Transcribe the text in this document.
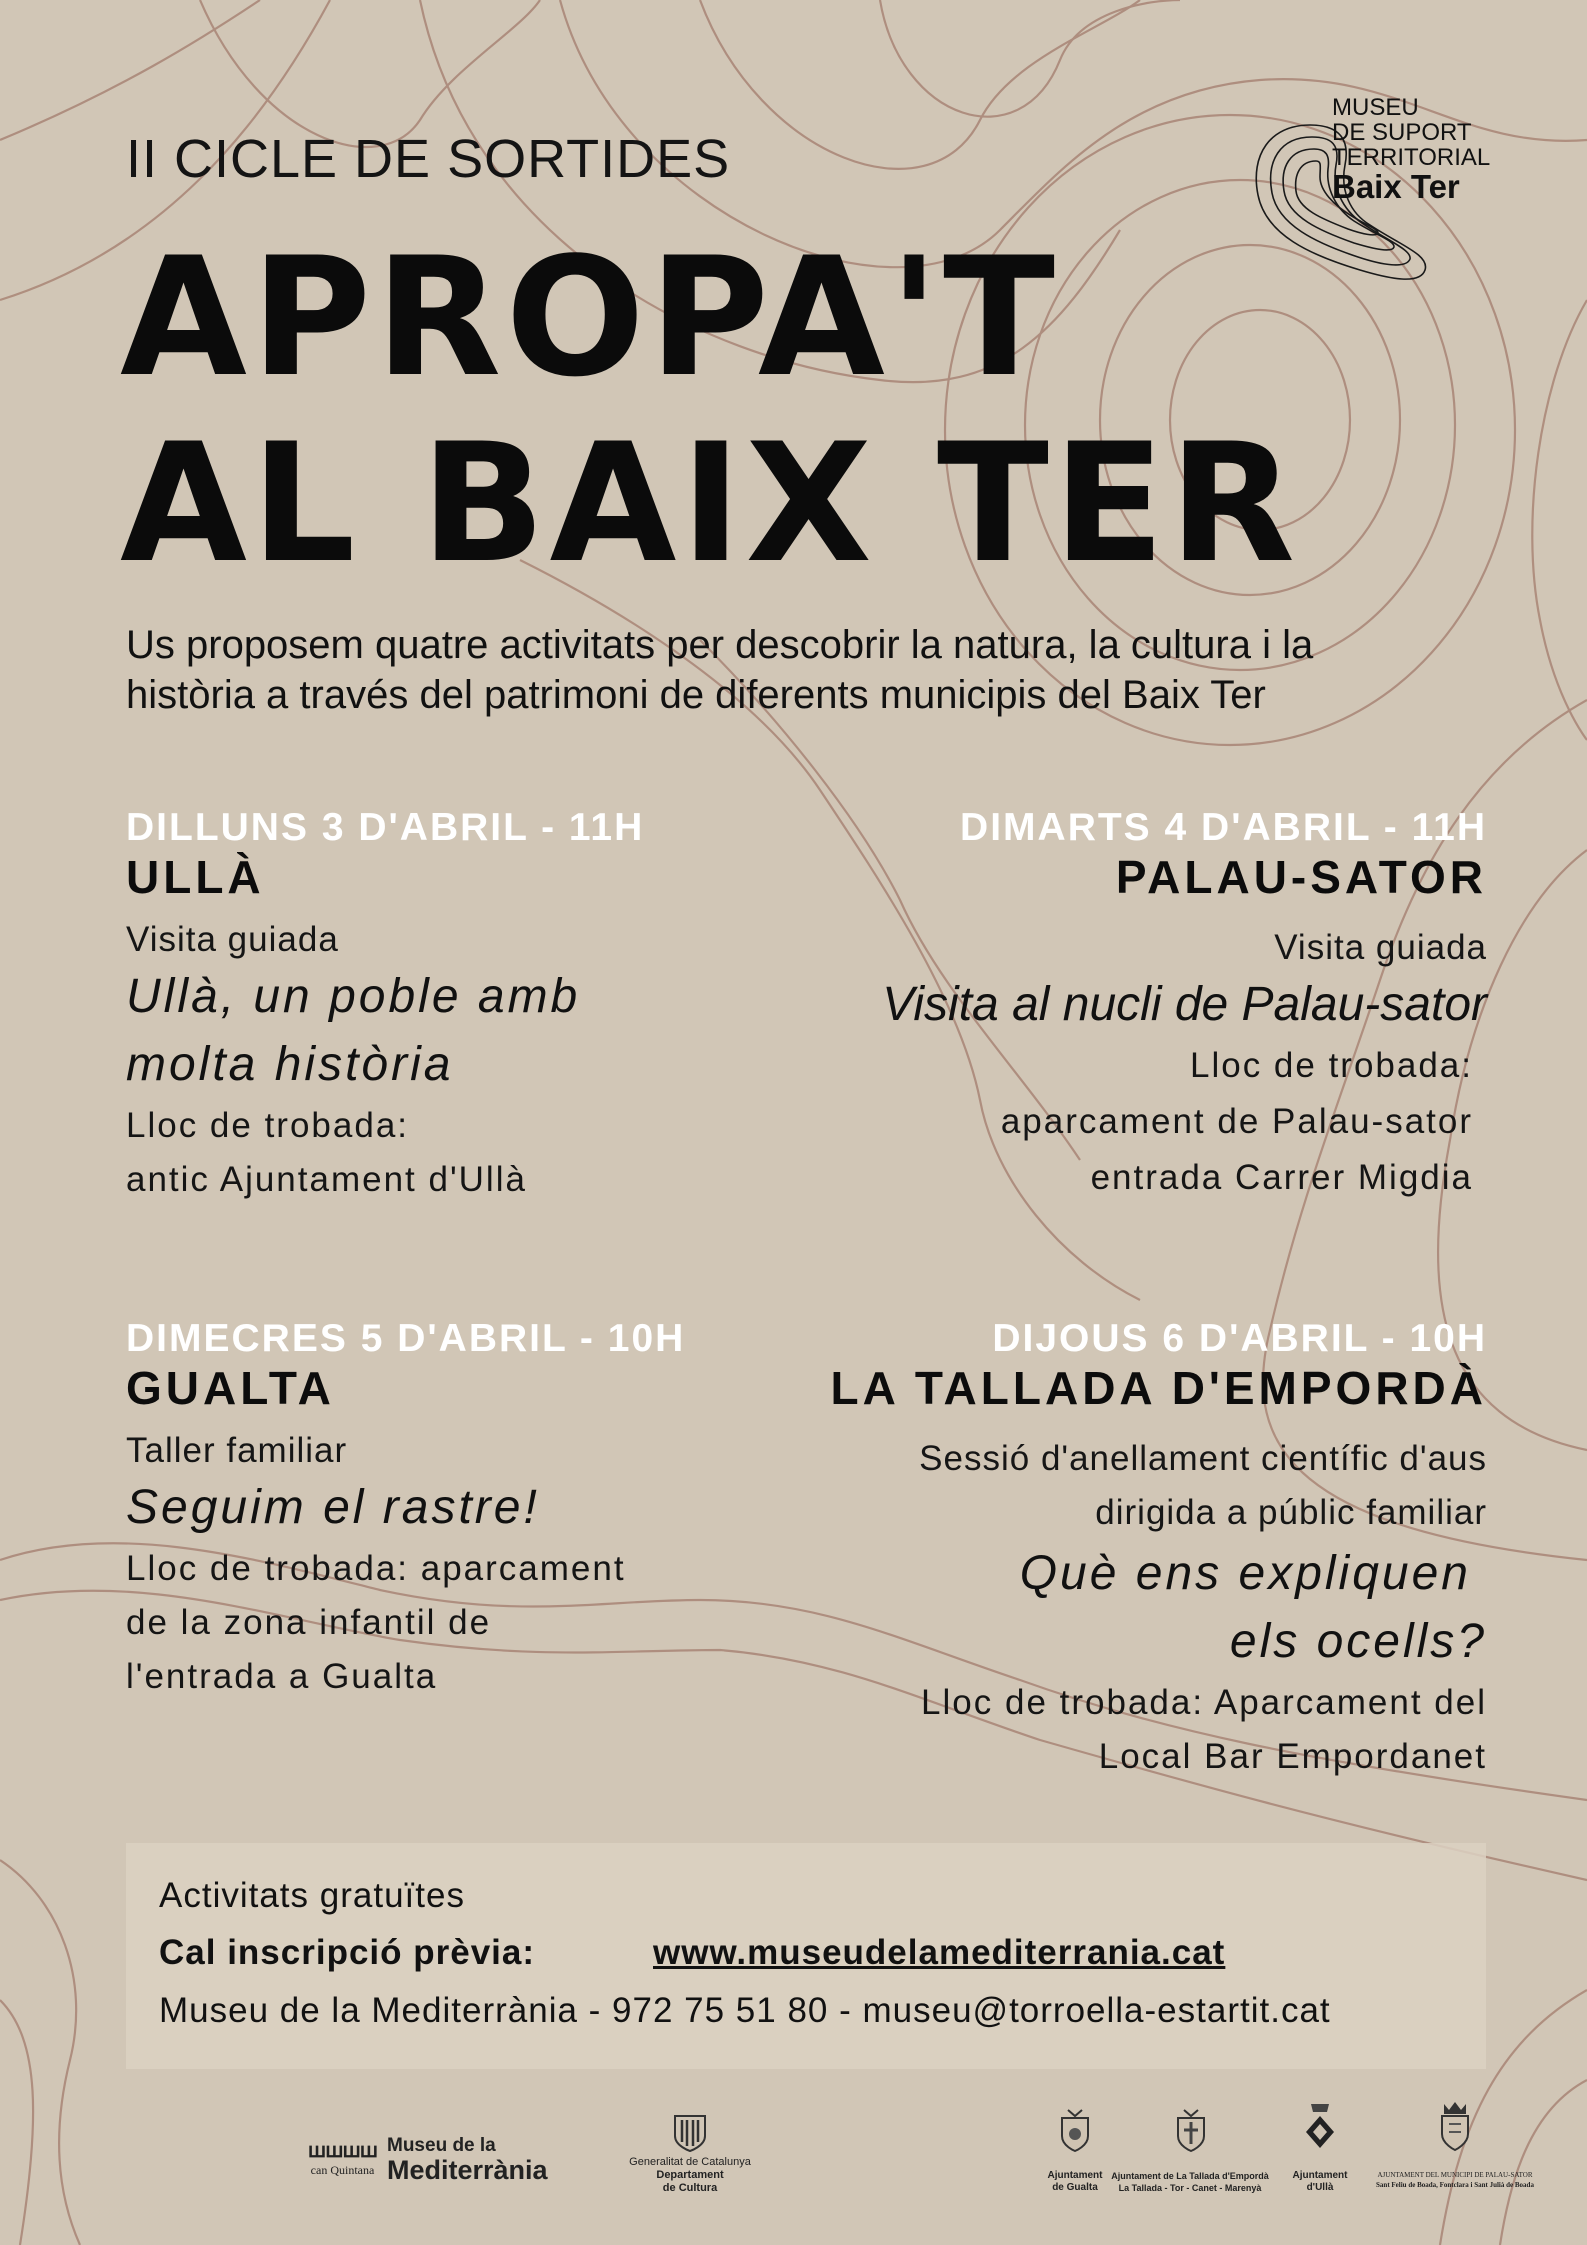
II CICLE DE SORTIDES
APROPA'T
AL BAIX TER
MUSEU
DE SUPORT
TERRITORIAL
Baix Ter
Us proposem quatre activitats per descobrir la natura, la cultura i la
història a través del patrimoni de diferents municipis del Baix Ter
DILLUNS 3 D'ABRIL - 11H
ULLÀ
Visita guiada
Ullà, un poble amb
molta història
Lloc de trobada:
antic Ajuntament d'Ullà
DIMARTS 4 D'ABRIL - 11H
PALAU-SATOR
Visita guiada
Visita al nucli de Palau-sator
Lloc de trobada:
aparcament de Palau-sator
entrada Carrer Migdia
DIMECRES 5 D'ABRIL - 10H
GUALTA
Taller familiar
Seguim el rastre!
Lloc de trobada: aparcament
de la zona infantil de
l'entrada a Gualta
DIJOUS 6 D'ABRIL - 10H
LA TALLADA D'EMPORDÀ
Sessió d'anellament científic d'aus
dirigida a públic familiar
Què ens expliquen
els ocells?
Lloc de trobada: Aparcament del
Local Bar Empordanet
Activitats gratuïtes
Cal inscripció prèvia:	www.museudelamediterrania.cat
Museu de la Mediterrània - 972 75 51 80 - museu@torroella-estartit.cat
ꟺꟺꟺꟺ
can Quintana
Museu de la
Mediterrània	Generalitat de Catalunya
Departament
de Cultura
Ajuntament
de Gualta
Ajuntament de La Tallada d'Empordà
La Tallada - Tor - Canet - Marenyà
Ajuntament
d'Ullà
AJUNTAMENT DEL MUNICIPI DE PALAU-SATOR
Sant Feliu de Boada, Fontclara i Sant Julià de Boada
